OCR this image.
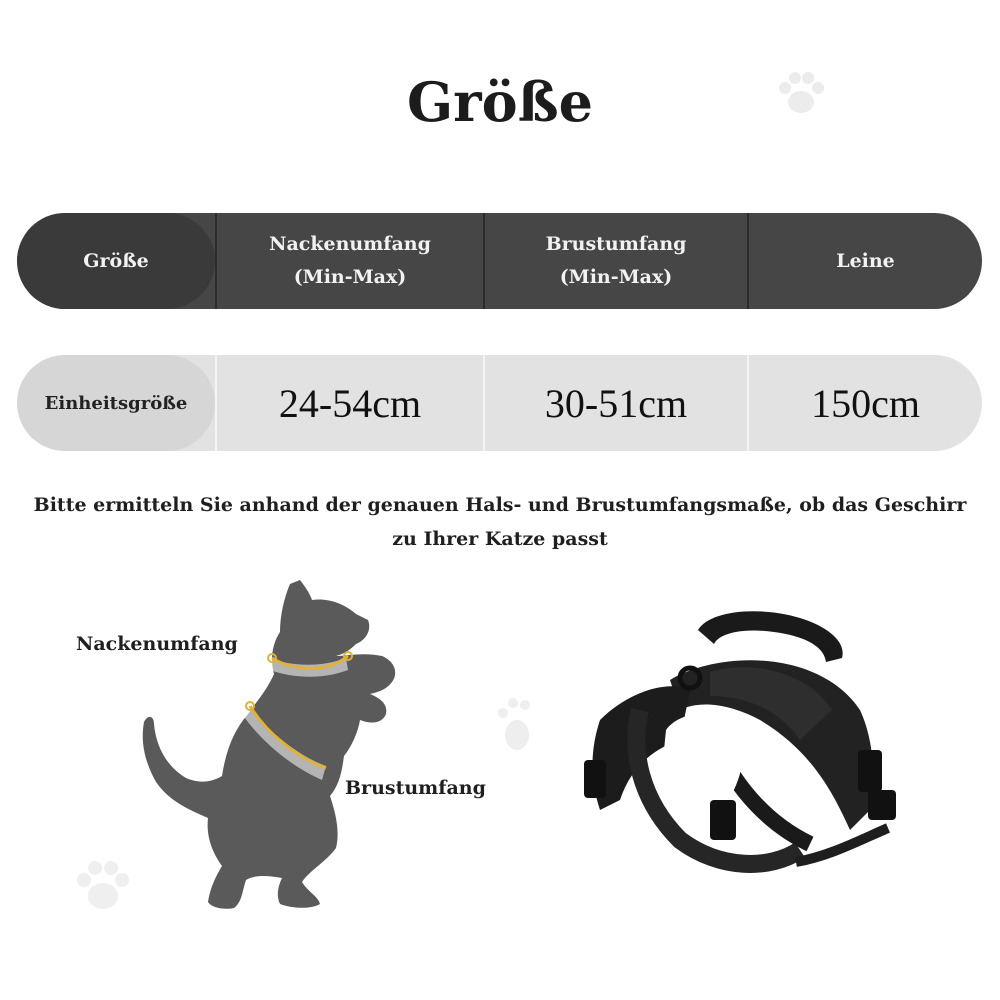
Größe
Größe
Nackenumfang
(Min-Max)
Brustumfang
(Min-Max)
Leine
Einheitsgröße 24-54cm	30-51cm	150cm
Bitte ermitteln Sie anhand der genauen Hals- und Brustumfangsmaße, ob das Geschirr
zu Ihrer Katze passt
Nackenumfang
Brustumfang
